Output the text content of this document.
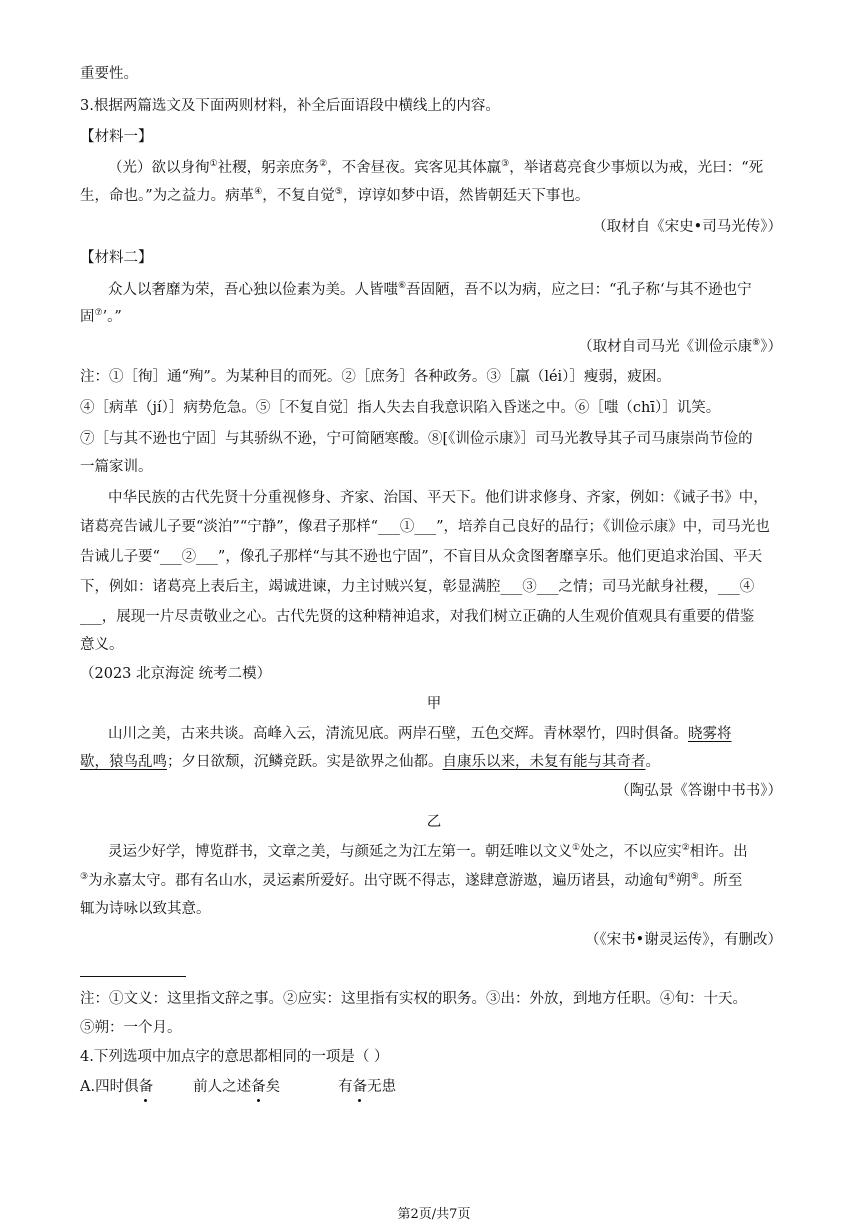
重要性。
3.根据两篇选文及下面两则材料，补全后面语段中横线上的内容。
【材料一】
（光）欲以身徇①社稷，躬亲庶务②，不舍昼夜。宾客见其体羸③，举诸葛亮食少事烦以为戒，光曰：“死
生，命也。”为之益力。病革④，不复自觉⑤，谆谆如梦中语，然皆朝廷天下事也。
（取材自《宋史•司马光传》）
【材料二】
众人以奢靡为荣，吾心独以俭素为美。人皆嗤⑥吾固陋，吾不以为病，应之曰：“孔子称‘与其不逊也宁
固⑦’。”
（取材自司马光《训俭示康⑧》）
注：①［徇］通“殉”。为某种目的而死。②［庶务］各种政务。③［羸（léi）］瘦弱，疲困。
④［病革（jí）］病势危急。⑤［不复自觉］指人失去自我意识陷入昏迷之中。⑥［嗤（chī）］讥笑。
⑦［与其不逊也宁固］与其骄纵不逊，宁可简陋寒酸。⑧[《训俭示康》］司马光教导其子司马康崇尚节俭的
一篇家训。
中华民族的古代先贤十分重视修身、齐家、治国、平天下。他们讲求修身、齐家，例如：《诫子书》中，
诸葛亮告诫儿子要“淡泊”“宁静”，像君子那样“___①___”，培养自己良好的品行；《训俭示康》中，司马光也
告诫儿子要“___②___”，像孔子那样“与其不逊也宁固”，不盲目从众贪图奢靡享乐。他们更追求治国、平天
下，例如：诸葛亮上表后主，竭诚进谏，力主讨贼兴复，彰显满腔___③___之情；司马光献身社稷，___④
___，展现一片尽责敬业之心。古代先贤的这种精神追求，对我们树立正确的人生观价值观具有重要的借鉴
意义。
（2023 北京海淀 统考二模）
甲
山川之美，古来共谈。高峰入云，清流见底。两岸石壁，五色交辉。青林翠竹，四时俱备。晓雾将
歇，猿鸟乱鸣；夕日欲颓，沉鳞竞跃。实是欲界之仙都。自康乐以来，未复有能与其奇者。
（陶弘景《答谢中书书》）
乙
灵运少好学，博览群书，文章之美，与颜延之为江左第一。朝廷唯以文义①处之，不以应实②相许。出
③为永嘉太守。郡有名山水，灵运素所爱好。出守既不得志，遂肆意游遨，遍历诸县，动逾旬④朔⑤。所至
辄为诗咏以致其意。
（《宋书•谢灵运传》，有删改）
注：①文义：这里指文辞之事。②应实：这里指有实权的职务。③出：外放，到地方任职。④旬：十天。
⑤朔：一个月。
4.下列选项中加点字的意思都相同的一项是（ ）
A.四时俱备	前人之述备矣	有备无患
第2页/共7页
